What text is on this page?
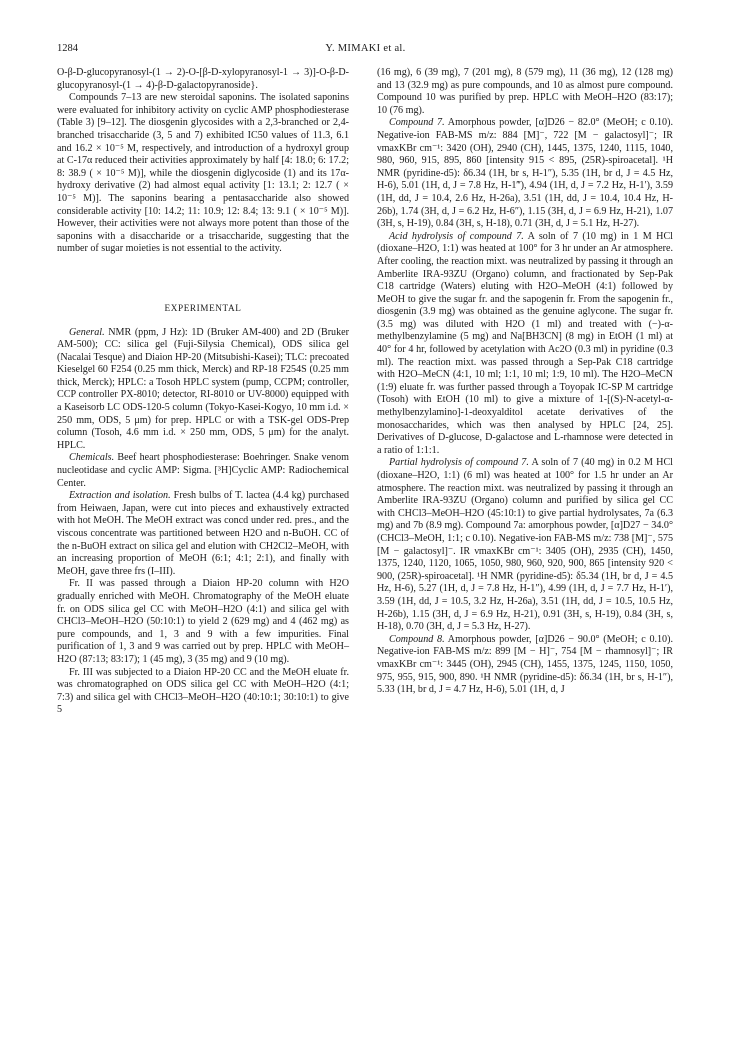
1284	Y. MIMAKI et al.

O-β-D-glucopyranosyl-(1 → 2)-O-[β-D-xylopyranosyl-1 → 3)]-O-β-D-glucopyranosyl-(1 → 4)-β-D-galactopyranoside}.

Compounds 7–13 are new steroidal saponins. The isolated saponins were evaluated for inhibitory activity on cyclic AMP phosphodiesterase (Table 3) [9–12]. The diosgenin glycosides with a 2,3-branched or 2,4-branched trisaccharide (3, 5 and 7) exhibited IC50 values of 11.3, 6.1 and 16.2 × 10⁻⁵ M, respectively, and introduction of a hydroxyl group at C-17α reduced their activities approximately by half [4: 18.0; 6: 17.2; 8: 38.9 ( × 10⁻⁵ M)], while the diosgenin diglycoside (1) and its 17α-hydroxy derivative (2) had almost equal activity [1: 13.1; 2: 12.7 ( × 10⁻⁵ M)]. The saponins bearing a pentasaccharide also showed considerable activity [10: 14.2; 11: 10.9; 12: 8.4; 13: 9.1 ( × 10⁻⁵ M)]. However, their activities were not always more potent than those of the saponins with a disaccharide or a trisaccharide, suggesting that the number of sugar moieties is not essential to the activity.

EXPERIMENTAL

General. NMR (ppm, J Hz): 1D (Bruker AM-400) and 2D (Bruker AM-500); CC: silica gel (Fuji-Silysia Chemical), ODS silica gel (Nacalai Tesque) and Diaion HP-20 (Mitsubishi-Kasei); TLC: precoated Kieselgel 60 F254 (0.25 mm thick, Merck) and RP-18 F254S (0.25 mm thick, Merck); HPLC: a Tosoh HPLC system (pump, CCPM; controller, CCP controller PX-8010; detector, RI-8010 or UV-8000) equipped with a Kaseisorb LC ODS-120-5 column (Tokyo-Kasei-Kogyo, 10 mm i.d. × 250 mm, ODS, 5 μm) for prep. HPLC or with a TSK-gel ODS-Prep column (Tosoh, 4.6 mm i.d. × 250 mm, ODS, 5 μm) for the analyt. HPLC.

Chemicals. Beef heart phosphodiesterase: Boehringer. Snake venom nucleotidase and cyclic AMP: Sigma. [³H]Cyclic AMP: Radiochemical Center.

Extraction and isolation. Fresh bulbs of T. lactea (4.4 kg) purchased from Heiwaen, Japan, were cut into pieces and exhaustively extracted with hot MeOH. The MeOH extract was concd under red. pres., and the viscous concentrate was partitioned between H2O and n-BuOH. CC of the n-BuOH extract on silica gel and elution with CH2Cl2–MeOH, with an increasing proportion of MeOH (6:1; 4:1; 2:1), and finally with MeOH, gave three frs (I–III).

Fr. II was passed through a Diaion HP-20 column with H2O gradually enriched with MeOH. Chromatography of the MeOH eluate fr. on ODS silica gel CC with MeOH–H2O (4:1) and silica gel with CHCl3–MeOH–H2O (50:10:1) to yield 2 (629 mg) and 4 (462 mg) as pure compounds, and 1, 3 and 9 with a few impurities. Final purification of 1, 3 and 9 was carried out by prep. HPLC with MeOH–H2O (87:13; 83:17); 1 (45 mg), 3 (35 mg) and 9 (10 mg).

Fr. III was subjected to a Diaion HP-20 CC and the MeOH eluate fr. was chromatographed on ODS silica gel CC with MeOH–H2O (4:1; 7:3) and silica gel with CHCl3–MeOH–H2O (40:10:1; 30:10:1) to give 5

(16 mg), 6 (39 mg), 7 (201 mg), 8 (579 mg), 11 (36 mg), 12 (128 mg) and 13 (32.9 mg) as pure compounds, and 10 as almost pure compound. Compound 10 was purified by prep. HPLC with MeOH–H2O (83:17); 10 (76 mg).

Compound 7. Amorphous powder, [α]D26 − 82.0° (MeOH; c 0.10). Negative-ion FAB-MS m/z: 884 [M]⁻, 722 [M − galactosyl]⁻; IR νmaxKBr cm⁻¹: 3420 (OH), 2940 (CH), 1445, 1375, 1240, 1115, 1040, 980, 960, 915, 895, 860 [intensity 915 < 895, (25R)-spiroacetal]. ¹H NMR (pyridine-d5): δ6.34 (1H, br s, H-1″), 5.35 (1H, br d, J = 4.5 Hz, H-6), 5.01 (1H, d, J = 7.8 Hz, H-1‴), 4.94 (1H, d, J = 7.2 Hz, H-1′), 3.59 (1H, dd, J = 10.4, 2.6 Hz, H-26a), 3.51 (1H, dd, J = 10.4, 10.4 Hz, H-26b), 1.74 (3H, d, J = 6.2 Hz, H-6″), 1.15 (3H, d, J = 6.9 Hz, H-21), 1.07 (3H, s, H-19), 0.84 (3H, s, H-18), 0.71 (3H, d, J = 5.1 Hz, H-27).

Acid hydrolysis of compound 7. A soln of 7 (10 mg) in 1 M HCl (dioxane–H2O, 1:1) was heated at 100° for 3 hr under an Ar atmosphere. After cooling, the reaction mixt. was neutralized by passing it through an Amberlite IRA-93ZU (Organo) column, and fractionated by Sep-Pak C18 cartridge (Waters) eluting with H2O–MeOH (4:1) followed by MeOH to give the sugar fr. and the sapogenin fr. From the sapogenin fr., diosgenin (3.9 mg) was obtained as the genuine aglycone. The sugar fr. (3.5 mg) was diluted with H2O (1 ml) and treated with (−)-α-methylbenzylamine (5 mg) and Na[BH3CN] (8 mg) in EtOH (1 ml) at 40° for 4 hr, followed by acetylation with Ac2O (0.3 ml) in pyridine (0.3 ml). The reaction mixt. was passed through a Sep-Pak C18 cartridge with H2O–MeCN (4:1, 10 ml; 1:1, 10 ml; 1:9, 10 ml). The H2O–MeCN (1:9) eluate fr. was further passed through a Toyopak IC-SP M cartridge (Tosoh) with EtOH (10 ml) to give a mixture of 1-[(S)-N-acetyl-α-methylbenzylamino]-1-deoxyalditol acetate derivatives of the monosaccharides, which was then analysed by HPLC [24, 25]. Derivatives of D-glucose, D-galactose and L-rhamnose were detected in a ratio of 1:1:1.

Partial hydrolysis of compound 7. A soln of 7 (40 mg) in 0.2 M HCl (dioxane–H2O, 1:1) (6 ml) was heated at 100° for 1.5 hr under an Ar atmosphere. The reaction mixt. was neutralized by passing it through an Amberlite IRA-93ZU (Organo) column and purified by silica gel CC with CHCl3–MeOH–H2O (45:10:1) to give partial hydrolysates, 7a (6.3 mg) and 7b (8.9 mg). Compound 7a: amorphous powder, [α]D27 − 34.0° (CHCl3–MeOH, 1:1; c 0.10). Negative-ion FAB-MS m/z: 738 [M]⁻, 575 [M − galactosyl]⁻. IR νmaxKBr cm⁻¹: 3405 (OH), 2935 (CH), 1450, 1375, 1240, 1120, 1065, 1050, 980, 960, 920, 900, 865 [intensity 920 < 900, (25R)-spiroacetal]. ¹H NMR (pyridine-d5): δ5.34 (1H, br d, J = 4.5 Hz, H-6), 5.27 (1H, d, J = 7.8 Hz, H-1″), 4.99 (1H, d, J = 7.7 Hz, H-1′), 3.59 (1H, dd, J = 10.5, 3.2 Hz, H-26a), 3.51 (1H, dd, J = 10.5, 10.5 Hz, H-26b), 1.15 (3H, d, J = 6.9 Hz, H-21), 0.91 (3H, s, H-19), 0.84 (3H, s, H-18), 0.70 (3H, d, J = 5.3 Hz, H-27).

Compound 8. Amorphous powder, [α]D26 − 90.0° (MeOH; c 0.10). Negative-ion FAB-MS m/z: 899 [M − H]⁻, 754 [M − rhamnosyl]⁻; IR νmaxKBr cm⁻¹: 3445 (OH), 2945 (CH), 1455, 1375, 1245, 1150, 1050, 975, 955, 915, 900, 890. ¹H NMR (pyridine-d5): δ6.34 (1H, br s, H-1″), 5.33 (1H, br d, J = 4.7 Hz, H-6), 5.01 (1H, d, J
